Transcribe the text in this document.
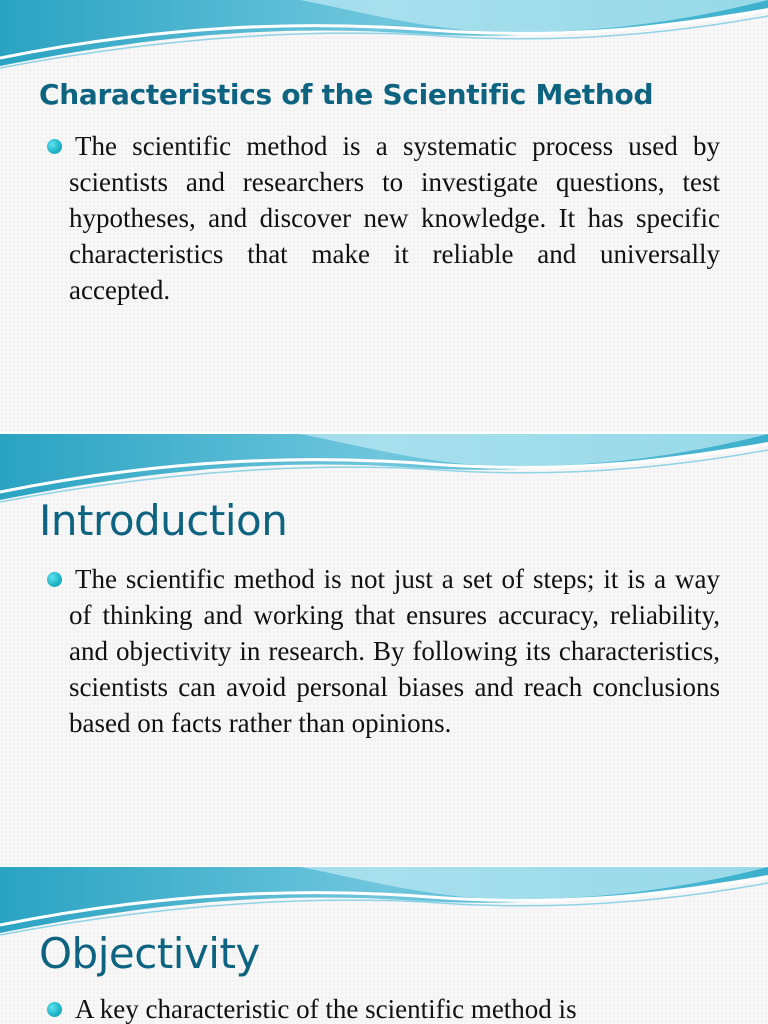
Characteristics of the Scientific Method

The scientific method is a systematic process used by scientists and researchers to investigate questions, test hypotheses, and discover new knowledge. It has specific characteristics that make it reliable and universally accepted.

Introduction

The scientific method is not just a set of steps; it is a way of thinking and working that ensures accuracy, reliability, and objectivity in research. By following its characteristics, scientists can avoid personal biases and reach conclusions based on facts rather than opinions.

Objectivity

A key characteristic of the scientific method is
